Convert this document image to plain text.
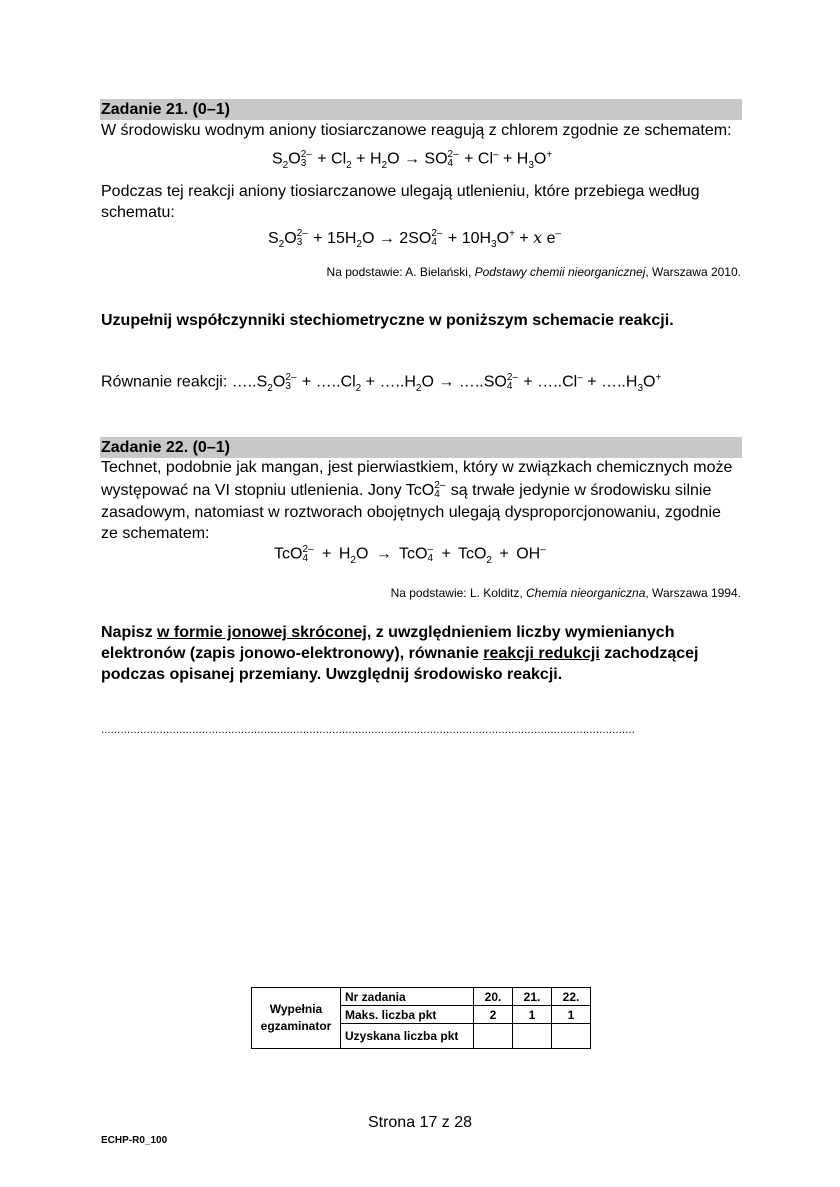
Zadanie 21. (0–1)
W środowisku wodnym aniony tiosiarczanowe reagują z chlorem zgodnie ze schematem:
$S_2O$ 2–
$3 + Cl_2 + H_2O$ → SO 2–
$4 + Cl^- + H_3O^+$
Podczas tej reakcji aniony tiosiarczanowe ulegają utlenieniu, które przebiega według
schematu:
$S_2O$ 2–
$3 + 15H_2O \to 2SO$ 2–
$4 + 10H_3O^+ + x$ e–
Na podstawie: A. Bielański, Podstawy chemii nieorganicznej, Warszawa 2010.
Uzupełnij współczynniki stechiometryczne w poniższym schemacie reakcji.
Równanie reakcji: $\dots..S_2O$ 2–
$3 + \dots..Cl_2$ + $\dots..H_2O$ → …..SO 2–
4 + …..Cl– + $\dots..H_3O^+$
Zadanie 22. (0–1)
Technet, podobnie jak mangan, jest pierwiastkiem, który w związkach chemicznych może
występować na VI stopniu utlenienia. Jony TcO 2–
4 są trwałe jedynie w środowisku silnie
zasadowym, natomiast w roztworach obojętnych ulegają dysproporcjonowaniu, zgodnie
ze schematem:
TcO 2–
$4 + H_2O$ → TcO –
4 + TcO$_2$ + OH–
Na podstawie: L. Kolditz, Chemia nieorganiczna, Warszawa 1994.
Napisz w formie jonowej skróconej, z uwzględnieniem liczby wymienianych
elektronów (zapis jonowo-elektronowy), równanie reakcji redukcji zachodzącej
podczas opisanej przemiany. Uwzględnij środowisko reakcji.
....................................................................................................................................................................
Wypełnia
egzaminator	Nr zadania	20.	21.	22.
	Maks. liczba pkt	2	1	1
	Uzyskana liczba pkt			
Strona 17 z 28
ECHP-R0_100
